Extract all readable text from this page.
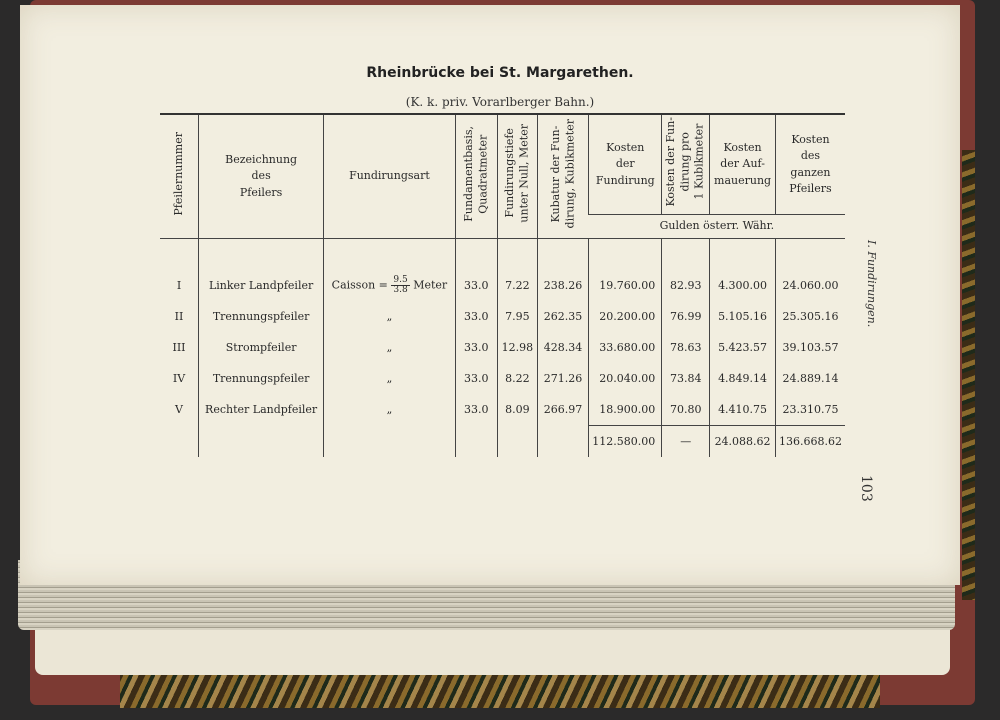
Rheinbrücke bei St. Margarethen.
(K. k. priv. Vorarlberger Bahn.)
Pfeilernummer	Bezeichnung
des
Pfeilers	Fundirungsart	Fundamentbasis,
Quadratmeter	Fundirungstiefe
unter Null, Meter	Kubatur der Fun-
dirung, Kubikmeter	Kosten
der
Fundirung	Kosten der Fun-
dirung pro
1 Kubikmeter	Kosten
der Auf-
mauerung	Kosten
des
ganzen
Pfeilers
						Gulden österr. Währ.			

I	Linker Landpfeiler	Caisson = $\frac{9.5}{3.8}$ Meter	33.0	7.22	238.26	19.760.00	82.93	4.300.00	24.060.00
II	Trennungspfeiler	„	33.0	7.95	262.35	20.200.00	76.99	5.105.16	25.305.16
III	Strompfeiler	„	33.0	12.98	428.34	33.680.00	78.63	5.423.57	39.103.57
IV	Trennungspfeiler	„	33.0	8.22	271.26	20.040.00	73.84	4.849.14	24.889.14
V	Rechter Landpfeiler	„	33.0	8.09	266.97	18.900.00	70.80	4.410.75	23.310.75
						112.580.00	—	24.088.62	136.668.62
I. Fundirungen.
103
